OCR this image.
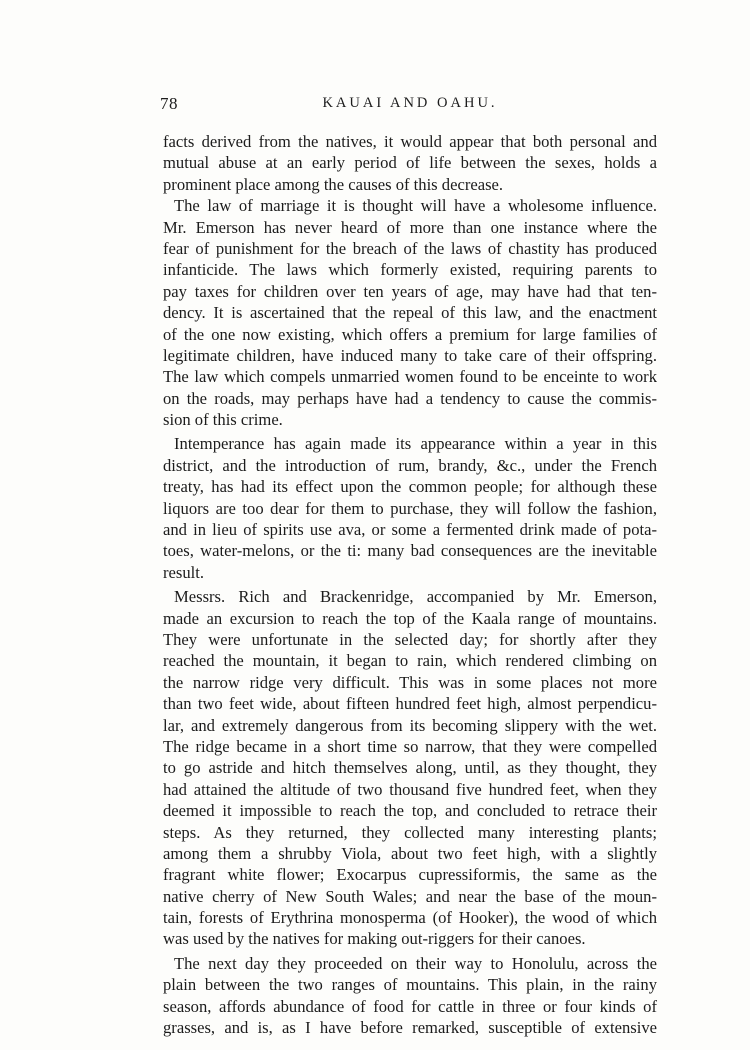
78	KAUAI AND OAHU.
facts derived from the natives, it would appear that both personal and
mutual abuse at an early period of life between the sexes, holds a
prominent place among the causes of this decrease.
The law of marriage it is thought will have a wholesome influence.
Mr. Emerson has never heard of more than one instance where the
fear of punishment for the breach of the laws of chastity has produced
infanticide. The laws which formerly existed, requiring parents to
pay taxes for children over ten years of age, may have had that ten-
dency. It is ascertained that the repeal of this law, and the enactment
of the one now existing, which offers a premium for large families of
legitimate children, have induced many to take care of their offspring.
The law which compels unmarried women found to be enceinte to work
on the roads, may perhaps have had a tendency to cause the commis-
sion of this crime.
Intemperance has again made its appearance within a year in this
district, and the introduction of rum, brandy, &c., under the French
treaty, has had its effect upon the common people; for although these
liquors are too dear for them to purchase, they will follow the fashion,
and in lieu of spirits use ava, or some a fermented drink made of pota-
toes, water-melons, or the ti: many bad consequences are the inevitable
result.
Messrs. Rich and Brackenridge, accompanied by Mr. Emerson,
made an excursion to reach the top of the Kaala range of mountains.
They were unfortunate in the selected day; for shortly after they
reached the mountain, it began to rain, which rendered climbing on
the narrow ridge very difficult. This was in some places not more
than two feet wide, about fifteen hundred feet high, almost perpendicu-
lar, and extremely dangerous from its becoming slippery with the wet.
The ridge became in a short time so narrow, that they were compelled
to go astride and hitch themselves along, until, as they thought, they
had attained the altitude of two thousand five hundred feet, when they
deemed it impossible to reach the top, and concluded to retrace their
steps. As they returned, they collected many interesting plants;
among them a shrubby Viola, about two feet high, with a slightly
fragrant white flower; Exocarpus cupressiformis, the same as the
native cherry of New South Wales; and near the base of the moun-
tain, forests of Erythrina monosperma (of Hooker), the wood of which
was used by the natives for making out-riggers for their canoes.
The next day they proceeded on their way to Honolulu, across the
plain between the two ranges of mountains. This plain, in the rainy
season, affords abundance of food for cattle in three or four kinds of
grasses, and is, as I have before remarked, susceptible of extensive
